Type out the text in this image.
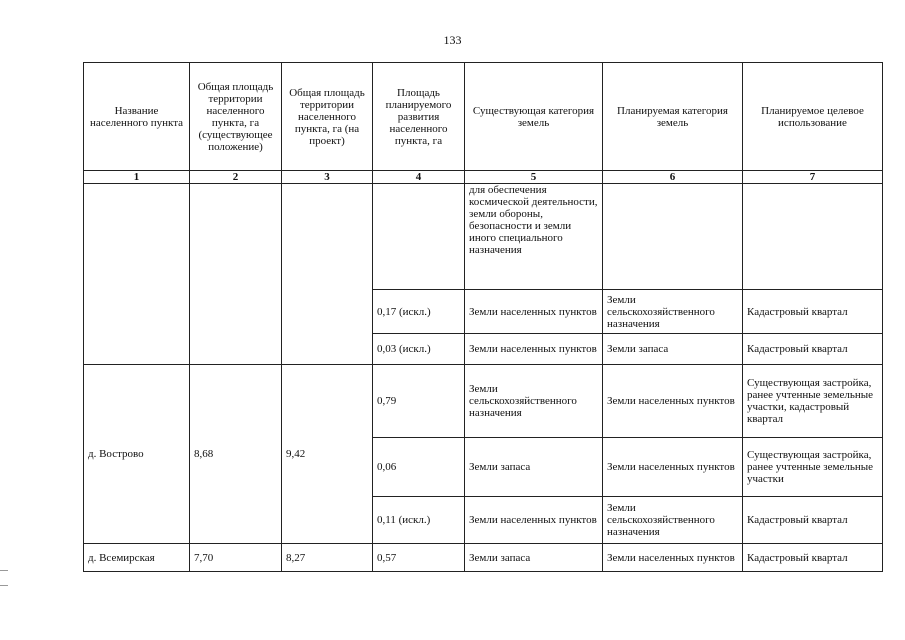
133
Название населенного пункта	Общая площадь территории населенного пункта, га (существующее положение)	Общая площадь территории населенного пункта, га (на проект)	Площадь планируемого развития населенного пункта, га	Существующая категория земель	Планируемая категория земель	Планируемое целевое использование
1	2	3	4	5	6	7
				для обеспечения космической деятельности, земли обороны, безопасности и земли иного специального назначения		
			0,17 (искл.)	Земли населенных пунктов	Земли сельскохозяйственного назначения	Кадастровый квартал
			0,03 (искл.)	Земли населенных пунктов	Земли запаса	Кадастровый квартал
д. Вострово	8,68	9,42	0,79	Земли сельскохозяйственного назначения	Земли населенных пунктов	Существующая застройка, ранее учтенные земельные участки, кадастровый квартал
			0,06	Земли запаса	Земли населенных пунктов	Существующая застройка, ранее учтенные земельные участки
			0,11 (искл.)	Земли населенных пунктов	Земли сельскохозяйственного назначения	Кадастровый квартал
д. Всемирская	7,70	8,27	0,57	Земли запаса	Земли населенных пунктов	Кадастровый квартал
